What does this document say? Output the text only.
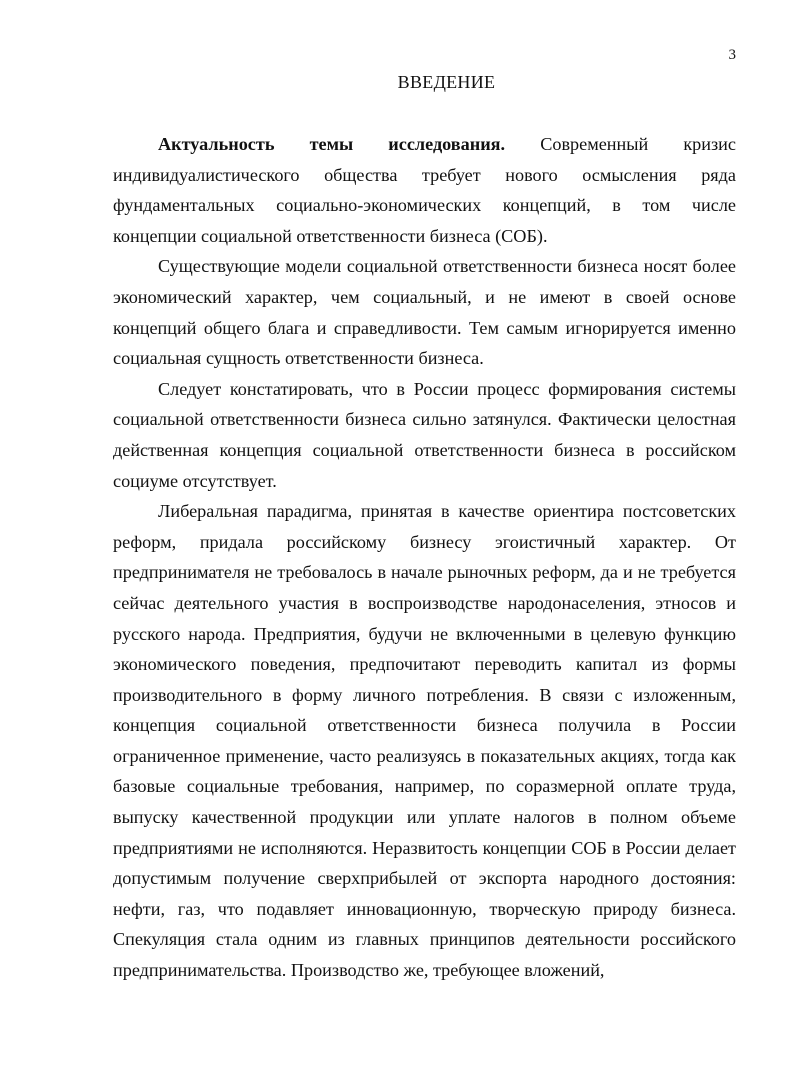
3
ВВЕДЕНИЕ

Актуальность темы исследования. Современный кризис индивидуалистического общества требует нового осмысления ряда фундаментальных социально-экономических концепций, в том числе концепции социальной ответственности бизнеса (СОБ).

Существующие модели социальной ответственности бизнеса носят более экономический характер, чем социальный, и не имеют в своей основе концепций общего блага и справедливости. Тем самым игнорируется именно социальная сущность ответственности бизнеса.

Следует констатировать, что в России процесс формирования системы социальной ответственности бизнеса сильно затянулся. Фактически целостная действенная концепция социальной ответственности бизнеса в российском социуме отсутствует.

Либеральная парадигма, принятая в качестве ориентира постсоветских реформ, придала российскому бизнесу эгоистичный характер. От предпринимателя не требовалось в начале рыночных реформ, да и не требуется сейчас деятельного участия в воспроизводстве народонаселения, этносов и русского народа. Предприятия, будучи не включенными в целевую функцию экономического поведения, предпочитают переводить капитал из формы производительного в форму личного потребления. В связи с изложенным, концепция социальной ответственности бизнеса получила в России ограниченное применение, часто реализуясь в показательных акциях, тогда как базовые социальные требования, например, по соразмерной оплате труда, выпуску качественной продукции или уплате налогов в полном объеме предприятиями не исполняются. Неразвитость концепции СОБ в России делает допустимым получение сверхприбылей от экспорта народного достояния: нефти, газ, что подавляет инновационную, творческую природу бизнеса. Спекуляция стала одним из главных принципов деятельности российского предпринимательства. Производство же, требующее вложений,
